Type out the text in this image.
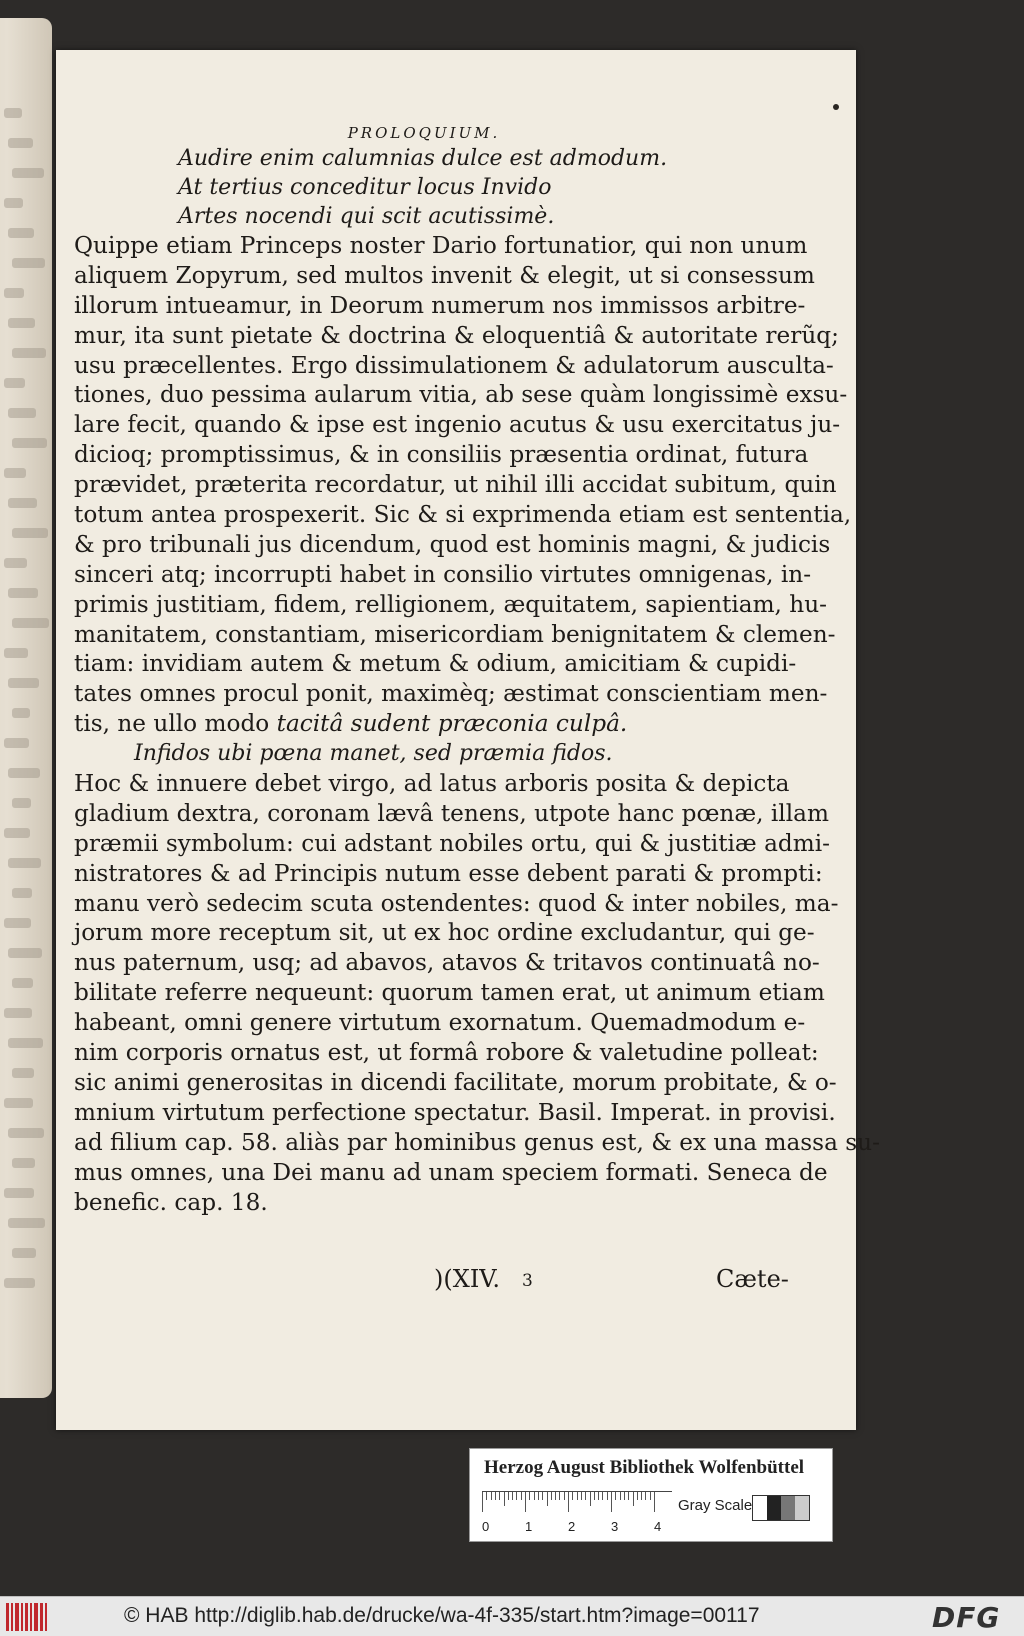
PROLOQUIUM.
Audire enim calumnias dulce est admodum.
At tertius conceditur locus Invido
Artes nocendi qui scit acutissimè.
Quippe etiam Princeps noster Dario fortunatior, qui non unum
aliquem Zopyrum, sed multos invenit & elegit, ut si consessum
illorum intueamur, in Deorum numerum nos immissos arbitre-
mur, ita sunt pietate & doctrina & eloquentiâ & autoritate rerũq;
usu præcellentes. Ergo dissimulationem & adulatorum ausculta-
tiones, duo pessima aularum vitia, ab sese quàm longissimè exsu-
lare fecit, quando & ipse est ingenio acutus & usu exercitatus ju-
dicioq; promptissimus, & in consiliis præsentia ordinat, futura
prævidet, præterita recordatur, ut nihil illi accidat subitum, quin
totum antea prospexerit. Sic & si exprimenda etiam est sententia,
& pro tribunali jus dicendum, quod est hominis magni, & judicis
sinceri atq; incorrupti habet in consilio virtutes omnigenas, in-
primis justitiam, fidem, relligionem, æquitatem, sapientiam, hu-
manitatem, constantiam, misericordiam benignitatem & clemen-
tiam: invidiam autem & metum & odium, amicitiam & cupidi-
tates omnes procul ponit, maximèq; æstimat conscientiam men-
tis, ne ullo modo tacitâ sudent præconia culpâ.
Infidos ubi pœna manet, sed præmia fidos.
Hoc & innuere debet virgo, ad latus arboris posita & depicta
gladium dextra, coronam lævâ tenens, utpote hanc pœnæ, illam
præmii symbolum: cui adstant nobiles ortu, qui & justitiæ admi-
nistratores & ad Principis nutum esse debent parati & prompti:
manu verò sedecim scuta ostendentes: quod & inter nobiles, ma-
jorum more receptum sit, ut ex hoc ordine excludantur, qui ge-
nus paternum, usq; ad abavos, atavos & tritavos continuatâ no-
bilitate referre nequeunt: quorum tamen erat, ut animum etiam
habeant, omni genere virtutum exornatum. Quemadmodum e-
nim corporis ornatus est, ut formâ robore & valetudine polleat:
sic animi generositas in dicendi facilitate, morum probitate, & o-
mnium virtutum perfectione spectatur. Basil. Imperat. in provisi.
ad filium cap. 58. aliàs par hominibus genus est, & ex una massa su-
mus omnes, una Dei manu ad unam speciem formati. Seneca de
benefic. cap. 18.
)(XIV. 3	Cæte-
Herzog August Bibliothek Wolfenbüttel
0	1	2	3	4
Gray Scale
© HAB http://diglib.hab.de/drucke/wa-4f-335/start.htm?image=00117	DFG
